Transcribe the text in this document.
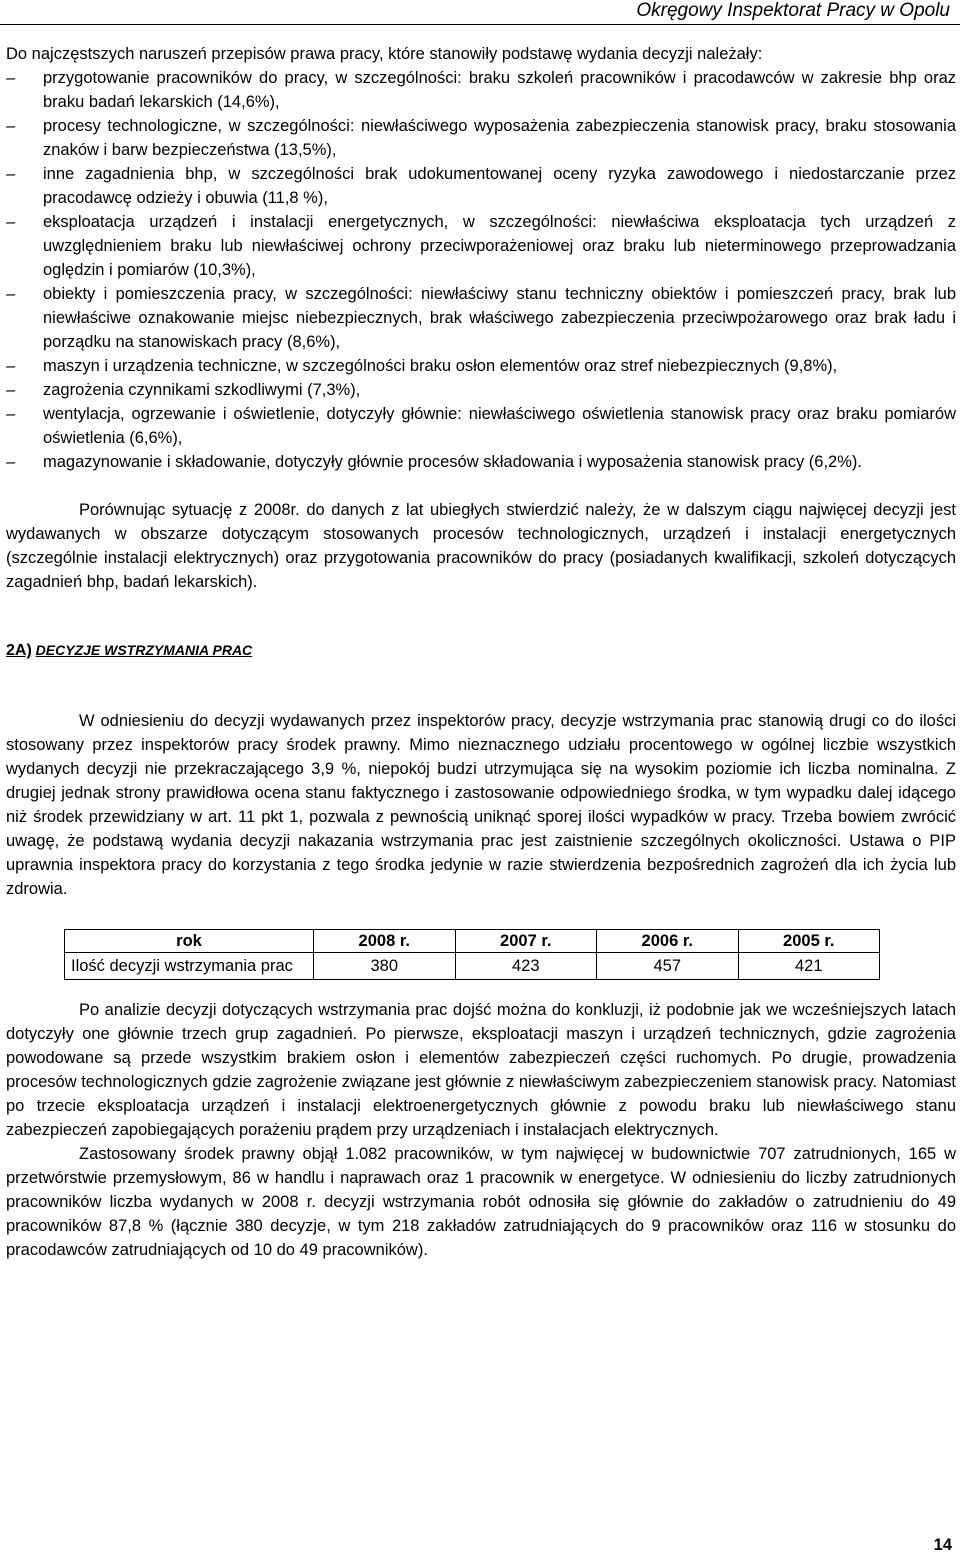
Okręgowy Inspektorat Pracy w Opolu

Do najczęstszych naruszeń przepisów prawa pracy, które stanowiły podstawę wydania decyzji należały:

–	przygotowanie pracowników do pracy, w szczególności: braku szkoleń pracowników i pracodawców w zakresie bhp oraz braku badań lekarskich (14,6%),
–	procesy technologiczne, w szczególności: niewłaściwego wyposażenia zabezpieczenia stanowisk pracy, braku stosowania znaków i barw bezpieczeństwa (13,5%),
–	inne zagadnienia bhp, w szczególności brak udokumentowanej oceny ryzyka zawodowego i niedostarczanie przez pracodawcę odzieży i obuwia (11,8 %),
–	eksploatacja urządzeń i instalacji energetycznych, w szczególności: niewłaściwa eksploatacja tych urządzeń z uwzględnieniem braku lub niewłaściwej ochrony przeciwporażeniowej oraz braku lub nieterminowego przeprowadzania oględzin i pomiarów (10,3%),
–	obiekty i pomieszczenia pracy, w szczególności: niewłaściwy stanu techniczny obiektów i pomieszczeń pracy, brak lub niewłaściwe oznakowanie miejsc niebezpiecznych, brak właściwego zabezpieczenia przeciwpożarowego oraz brak ładu i porządku na stanowiskach pracy (8,6%),
–	maszyn i urządzenia techniczne, w szczególności braku osłon elementów oraz stref niebezpiecznych (9,8%),
–	zagrożenia czynnikami szkodliwymi (7,3%),
–	wentylacja, ogrzewanie i oświetlenie, dotyczyły głównie: niewłaściwego oświetlenia stanowisk pracy oraz braku pomiarów oświetlenia (6,6%),
–	magazynowanie i składowanie, dotyczyły głównie procesów składowania i wyposażenia stanowisk pracy (6,2%).

Porównując sytuację z 2008r. do danych z lat ubiegłych stwierdzić należy, że w dalszym ciągu najwięcej decyzji jest wydawanych w obszarze dotyczącym stosowanych procesów technologicznych, urządzeń i instalacji energetycznych (szczególnie instalacji elektrycznych) oraz przygotowania pracowników do pracy (posiadanych kwalifikacji, szkoleń dotyczących zagadnień bhp, badań lekarskich).

2A) DECYZJE WSTRZYMANIA PRAC

W odniesieniu do decyzji wydawanych przez inspektorów pracy, decyzje wstrzymania prac stanowią drugi co do ilości stosowany przez inspektorów pracy środek prawny. Mimo nieznacznego udziału procentowego w ogólnej liczbie wszystkich wydanych decyzji nie przekraczającego 3,9 %, niepokój budzi utrzymująca się na wysokim poziomie ich liczba nominalna. Z drugiej jednak strony prawidłowa ocena stanu faktycznego i zastosowanie odpowiedniego środka, w tym wypadku dalej idącego niż środek przewidziany w art. 11 pkt 1, pozwala z pewnością uniknąć sporej ilości wypadków w pracy. Trzeba bowiem zwrócić uwagę, że podstawą wydania decyzji nakazania wstrzymania prac jest zaistnienie szczególnych okoliczności. Ustawa o PIP uprawnia inspektora pracy do korzystania z tego środka jedynie w razie stwierdzenia bezpośrednich zagrożeń dla ich życia lub zdrowia.

rok	2008 r.	2007 r.	2006 r.	2005 r.
Ilość decyzji wstrzymania prac	380	423	457	421

Po analizie decyzji dotyczących wstrzymania prac dojść można do konkluzji, iż podobnie jak we wcześniejszych latach dotyczyły one głównie trzech grup zagadnień. Po pierwsze, eksploatacji maszyn i urządzeń technicznych, gdzie zagrożenia powodowane są przede wszystkim brakiem osłon i elementów zabezpieczeń części ruchomych. Po drugie, prowadzenia procesów technologicznych gdzie zagrożenie związane jest głównie z niewłaściwym zabezpieczeniem stanowisk pracy. Natomiast po trzecie eksploatacja urządzeń i instalacji elektroenergetycznych głównie z powodu braku lub niewłaściwego stanu zabezpieczeń zapobiegających porażeniu prądem przy urządzeniach i instalacjach elektrycznych.

Zastosowany środek prawny objął 1.082 pracowników, w tym najwięcej w budownictwie 707 zatrudnionych, 165 w przetwórstwie przemysłowym, 86 w handlu i naprawach oraz 1 pracownik w energetyce. W odniesieniu do liczby zatrudnionych pracowników liczba wydanych w 2008 r. decyzji wstrzymania robót odnosiła się głównie do zakładów o zatrudnieniu do 49 pracowników 87,8 % (łącznie 380 decyzje, w tym 218 zakładów zatrudniających do 9 pracowników oraz 116 w stosunku do pracodawców zatrudniających od 10 do 49 pracowników).

14
